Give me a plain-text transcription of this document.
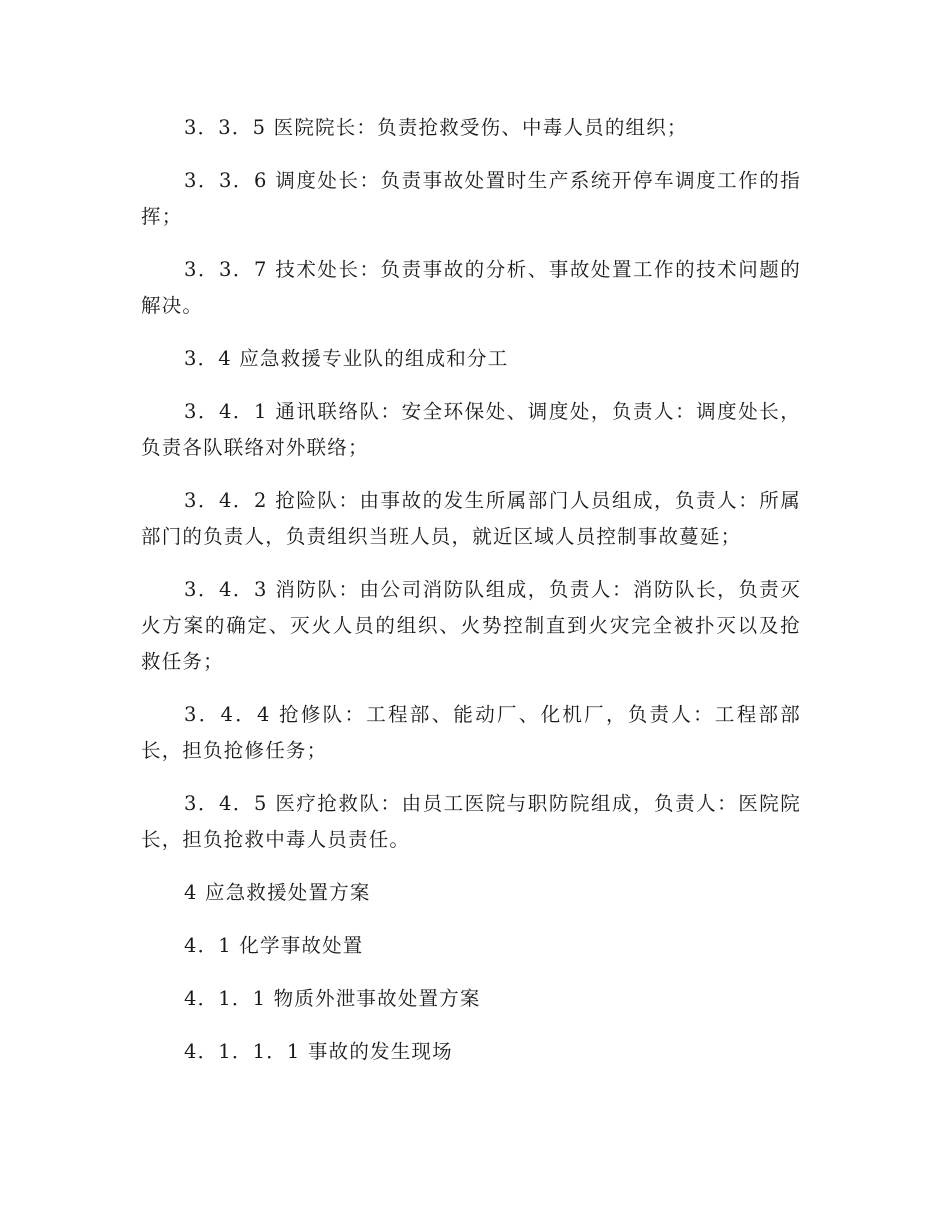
3．3．5 医院院长：负责抢救受伤、中毒人员的组织；

3．3．6 调度处长：负责事故处置时生产系统开停车调度工作的指挥；

3．3．7 技术处长：负责事故的分析、事故处置工作的技术问题的解决。

3．4 应急救援专业队的组成和分工

3．4．1 通讯联络队：安全环保处、调度处，负责人：调度处长，负责各队联络对外联络；

3．4．2 抢险队：由事故的发生所属部门人员组成，负责人：所属部门的负责人，负责组织当班人员，就近区域人员控制事故蔓延；

3．4．3 消防队：由公司消防队组成，负责人：消防队长，负责灭火方案的确定、灭火人员的组织、火势控制直到火灾完全被扑灭以及抢救任务；

3．4．4 抢修队：工程部、能动厂、化机厂，负责人：工程部部长，担负抢修任务；

3．4．5 医疗抢救队：由员工医院与职防院组成，负责人：医院院长，担负抢救中毒人员责任。

4 应急救援处置方案

4．1 化学事故处置

4．1．1 物质外泄事故处置方案

4．1．1．1 事故的发生现场
